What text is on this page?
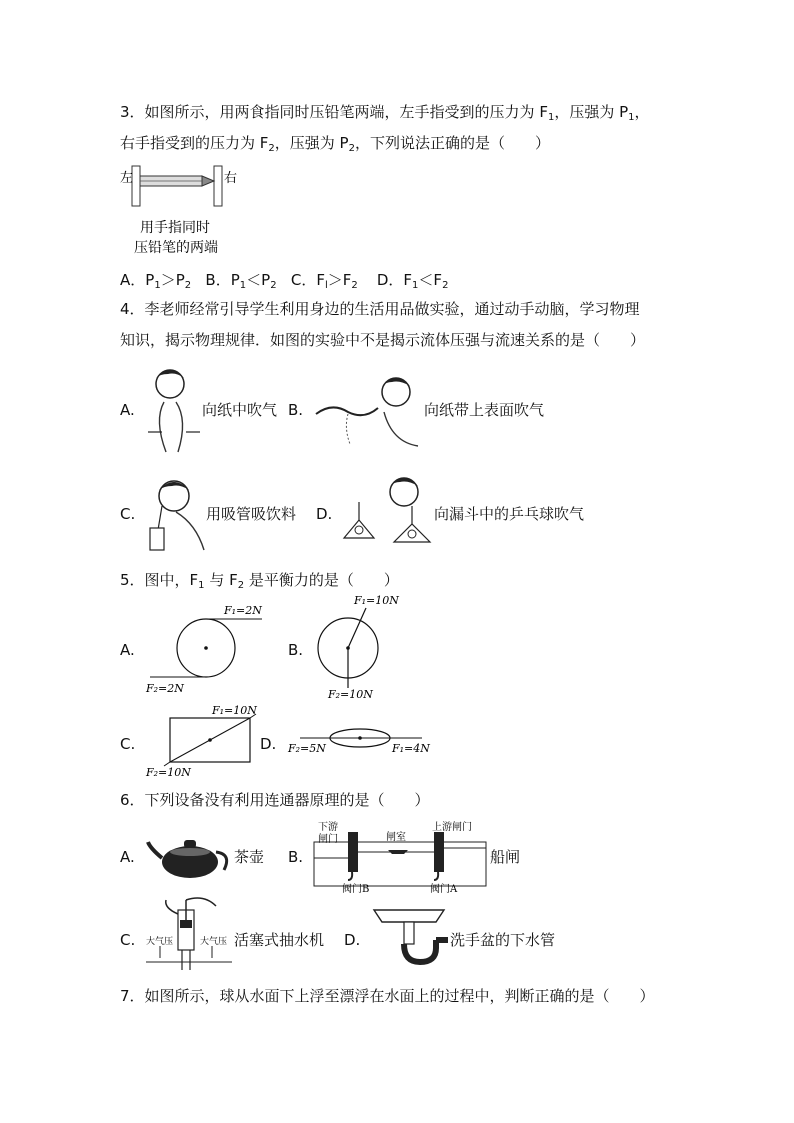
3．如图所示，用两食指同时压铅笔两端，左手指受到的压力为 $F_1$，压强为 $P_1$，
右手指受到的压力为 $F_2$，压强为 $P_2$，下列说法正确的是（　　）
左	右
用手指同时
压铅笔的两端
A．$P_1>P_2$ B．$P_1<P_2$ C．$F_l>F_2$ D．$F_1<F_2$
4．李老师经常引导学生利用身边的生活用品做实验，通过动手动脑，学习物理
知识，揭示物理规律．如图的实验中不是揭示流体压强与流速关系的是（　　）
A.	向纸中吹气 B.	向纸带上表面吹气
C.	用吸管吸饮料 D.	向漏斗中的乒乓球吹气
5．图中，$F_1$ 与 $F_2$ 是平衡力的是（　　）
A.
F₁=2N
F₂=2N
B.
F₁=10N
F₂=10N
C.
F₁=10N
F₂=10N
D. F₂=5N	F₁=4N
6．下列设备没有利用连通器原理的是（　　）
A.	茶壶 B.
下游
闸门	闸室
上游闸门
阀门B	阀门A
船闸
C. 大气压	大气压 活塞式抽水机 D.	洗手盆的下水管
7．如图所示，球从水面下上浮至漂浮在水面上的过程中，判断正确的是（　　）
